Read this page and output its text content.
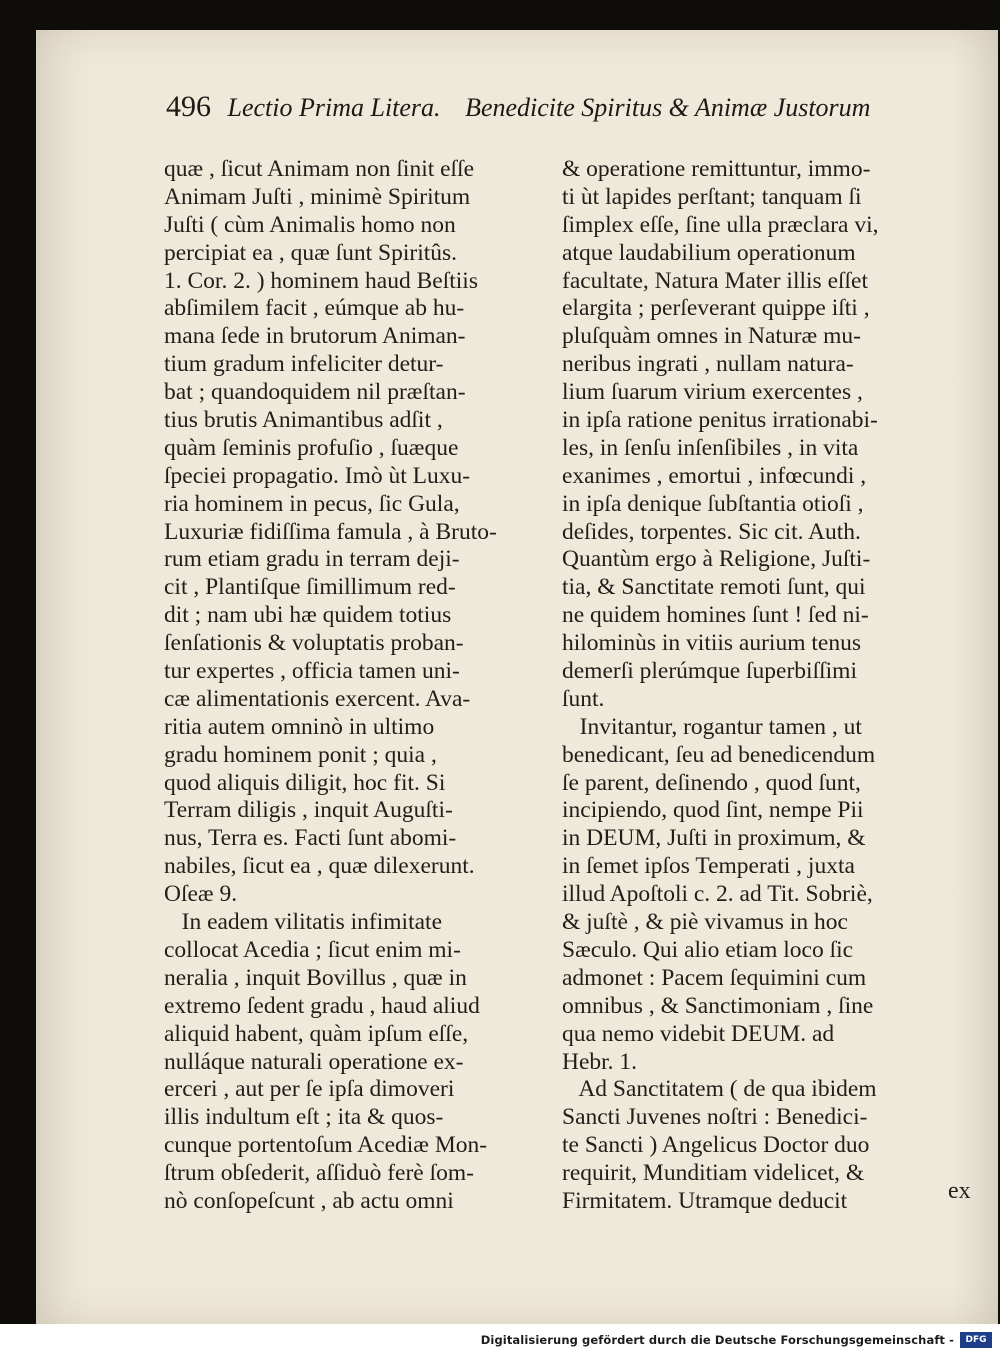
496 Lectio Prima Litera. Benedicite Spiritus & Animæ Justorum
quæ , ſicut Animam non ſinit eſſe
Animam Juſti , minimè Spiritum
Juſti ( cùm Animalis homo non
percipiat ea , quæ ſunt Spiritûs.
1. Cor. 2. ) hominem haud Beſtiis
abſimilem facit , eúmque ab hu-
mana ſede in brutorum Animan-
tium gradum infeliciter detur-
bat ; quandoquidem nil præſtan-
tius brutis Animantibus adſit ,
quàm ſeminis profuſio , ſuæque
ſpeciei propagatio. Imò ùt Luxu-
ria hominem in pecus, ſic Gula,
Luxuriæ fidiſſima famula , à Bruto-
rum etiam gradu in terram deji-
cit , Plantiſque ſimillimum red-
dit ; nam ubi hæ quidem totius
ſenſationis & voluptatis proban-
tur expertes , officia tamen uni-
cæ alimentationis exercent. Ava-
ritia autem omninò in ultimo
gradu hominem ponit ; quia ,
quod aliquis diligit, hoc fit. Si
Terram diligis , inquit Auguſti-
nus, Terra es. Facti ſunt abomi-
nabiles, ſicut ea , quæ dilexerunt.
Oſeæ 9.
In eadem vilitatis infimitate
collocat Acedia ; ſicut enim mi-
neralia , inquit Bovillus , quæ in
extremo ſedent gradu , haud aliud
aliquid habent, quàm ipſum eſſe,
nulláque naturali operatione ex-
erceri , aut per ſe ipſa dimoveri
illis indultum eſt ; ita & quos-
cunque portentoſum Acediæ Mon-
ſtrum obſederit, aſſiduò ferè ſom-
nò conſopeſcunt , ab actu omni
& operatione remittuntur, immo-
ti ùt lapides perſtant; tanquam ſi
ſimplex eſſe, ſine ulla præclara vi,
atque laudabilium operationum
facultate, Natura Mater illis eſſet
elargita ; perſeverant quippe iſti ,
pluſquàm omnes in Naturæ mu-
neribus ingrati , nullam natura-
lium ſuarum virium exercentes ,
in ipſa ratione penitus irrationabi-
les, in ſenſu inſenſibiles , in vita
exanimes , emortui , infœcundi ,
in ipſa denique ſubſtantia otioſi ,
deſides, torpentes. Sic cit. Auth.
Quantùm ergo à Religione, Juſti-
tia, & Sanctitate remoti ſunt, qui
ne quidem homines ſunt ! ſed ni-
hilominùs in vitiis aurium tenus
demerſi plerúmque ſuperbiſſimi
ſunt.
Invitantur, rogantur tamen , ut
benedicant, ſeu ad benedicendum
ſe parent, deſinendo , quod ſunt,
incipiendo, quod ſint, nempe Pii
in DEUM, Juſti in proximum, &
in ſemet ipſos Temperati , juxta
illud Apoſtoli c. 2. ad Tit. Sobriè,
& juſtè , & piè vivamus in hoc
Sæculo. Qui alio etiam loco ſic
admonet : Pacem ſequimini cum
omnibus , & Sanctimoniam , ſine
qua nemo videbit DEUM. ad
Hebr. 1.
Ad Sanctitatem ( de qua ibidem
Sancti Juvenes noſtri : Benedici-
te Sancti ) Angelicus Doctor duo
requirit, Munditiam videlicet, &
Firmitatem. Utramque deducit	ex
Digitalisierung gefördert durch die Deutsche Forschungsgemeinschaft -	DFG
